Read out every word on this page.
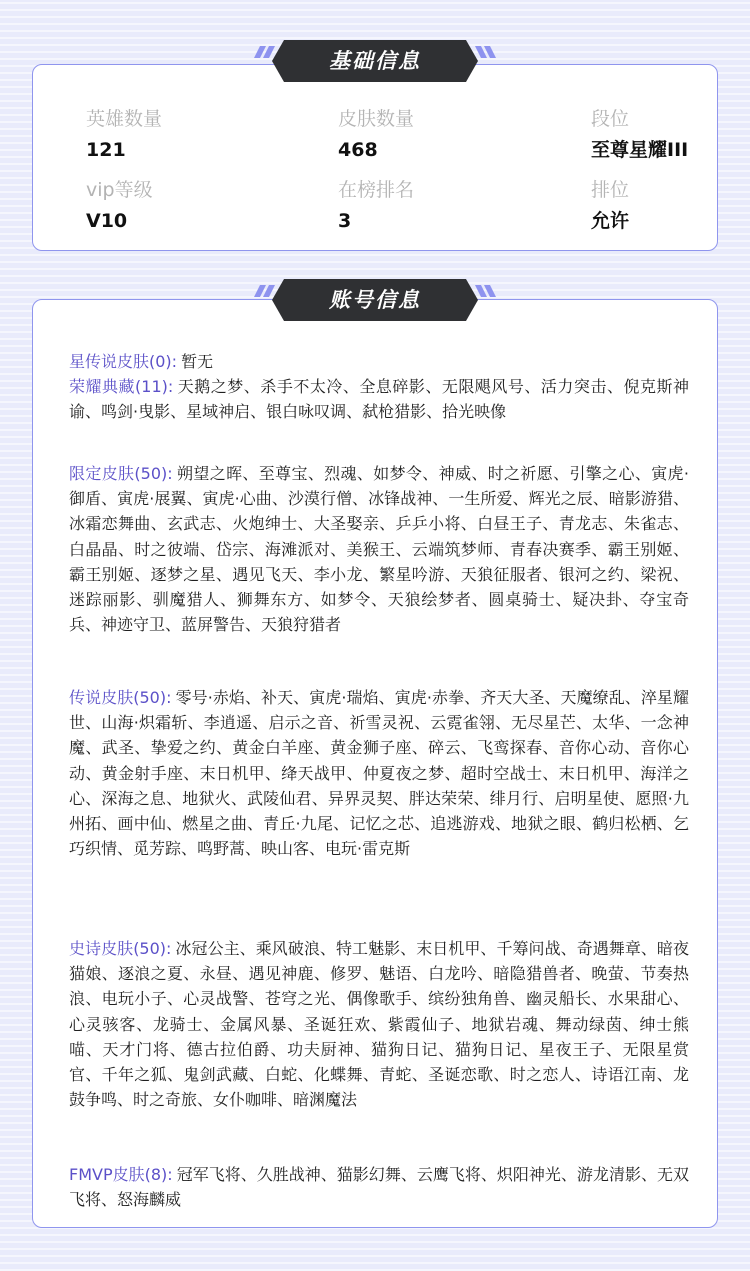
英雄数量
121
皮肤数量
468
段位
至尊星耀III
vip等级
V10
在榜排名
3
排位
允许
基础信息
星传说皮肤(0): 暂无
荣耀典藏(11): 天鹅之梦、杀手不太冷、全息碎影、无限飓风号、活力突击、倪克斯神谕、鸣剑·曳影、星域神启、银白咏叹调、弑枪猎影、拾光映像
限定皮肤(50): 朔望之晖、至尊宝、烈魂、如梦令、神威、时之祈愿、引擎之心、寅虎·御盾、寅虎·展翼、寅虎·心曲、沙漠行僧、冰锋战神、一生所爱、辉光之辰、暗影游猎、冰霜恋舞曲、玄武志、火炮绅士、大圣娶亲、乒乒小将、白昼王子、青龙志、朱雀志、白晶晶、时之彼端、岱宗、海滩派对、美猴王、云端筑梦师、青春决赛季、霸王别姬、霸王别姬、逐梦之星、遇见飞天、李小龙、繁星吟游、天狼征服者、银河之约、梁祝、迷踪丽影、驯魔猎人、狮舞东方、如梦令、天狼绘梦者、圆桌骑士、疑决卦、夺宝奇兵、神迹守卫、蓝屏警告、天狼狩猎者
传说皮肤(50): 零号·赤焰、补天、寅虎·瑞焰、寅虎·赤拳、齐天大圣、天魔缭乱、淬星耀世、山海·炽霜斩、李逍遥、启示之音、祈雪灵祝、云霓雀翎、无尽星芒、太华、一念神魔、武圣、挚爱之约、黄金白羊座、黄金狮子座、碎云、飞鸾探春、音你心动、音你心动、黄金射手座、末日机甲、绛天战甲、仲夏夜之梦、超时空战士、末日机甲、海洋之心、深海之息、地狱火、武陵仙君、异界灵契、胖达荣荣、绯月行、启明星使、愿照·九州拓、画中仙、燃星之曲、青丘·九尾、记忆之芯、追逃游戏、地狱之眼、鹤归松栖、乞巧织情、觅芳踪、鸣野蒿、映山客、电玩·雷克斯
史诗皮肤(50): 冰冠公主、乘风破浪、特工魅影、末日机甲、千筹问战、奇遇舞章、暗夜猫娘、逐浪之夏、永昼、遇见神鹿、修罗、魅语、白龙吟、暗隐猎兽者、晚萤、节奏热浪、电玩小子、心灵战警、苍穹之光、偶像歌手、缤纷独角兽、幽灵船长、水果甜心、心灵骇客、龙骑士、金属风暴、圣诞狂欢、紫霞仙子、地狱岩魂、舞动绿茵、绅士熊喵、天才门将、德古拉伯爵、功夫厨神、猫狗日记、猫狗日记、星夜王子、无限星赏官、千年之狐、鬼剑武藏、白蛇、化蝶舞、青蛇、圣诞恋歌、时之恋人、诗语江南、龙鼓争鸣、时之奇旅、女仆咖啡、暗渊魔法
FMVP皮肤(8): 冠军飞将、久胜战神、猫影幻舞、云鹰飞将、炽阳神光、游龙清影、无双飞将、怒海麟威
账号信息
